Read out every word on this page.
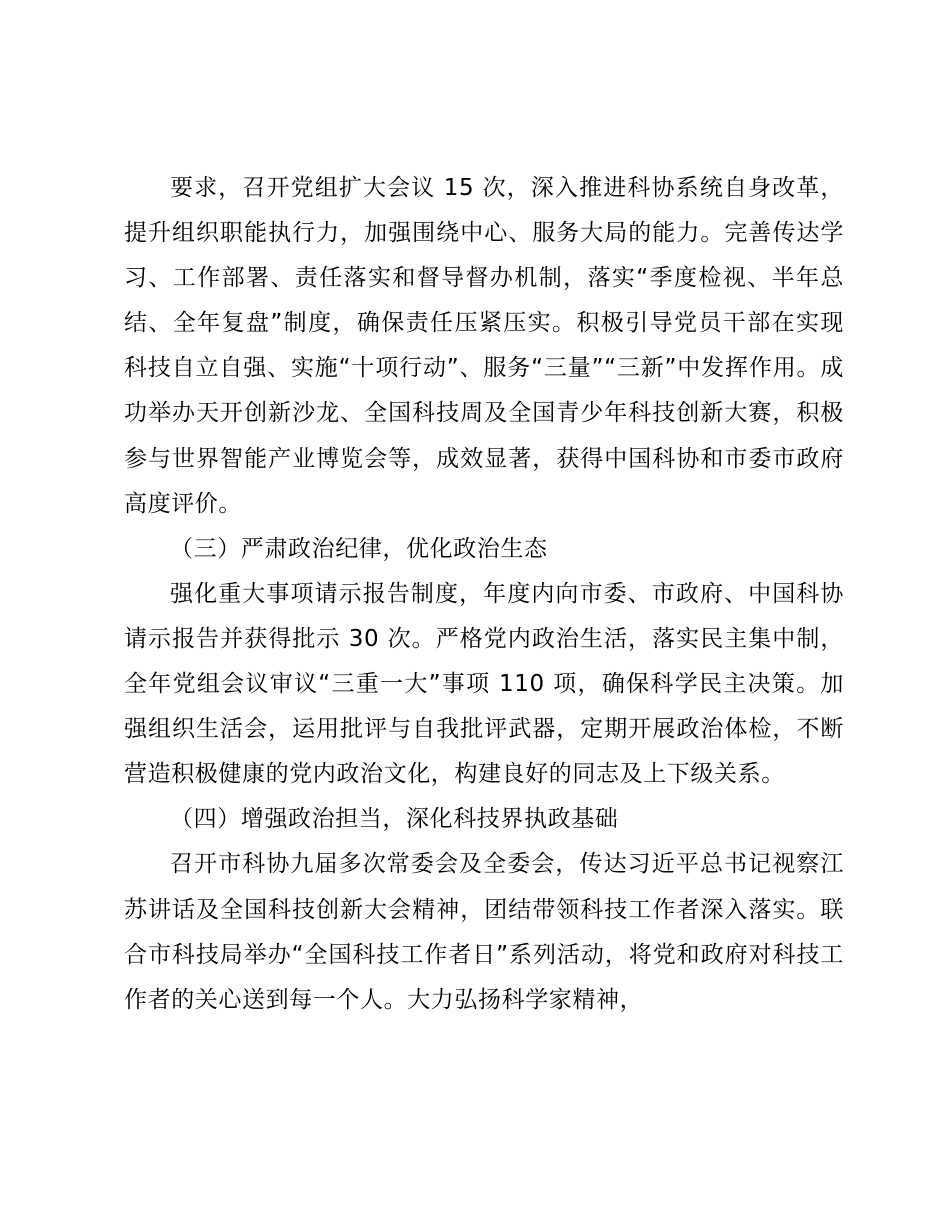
要求，召开党组扩大会议 15 次，深入推进科协系统自身改革，提升组织职能执行力，加强围绕中心、服务大局的能力。完善传达学习、工作部署、责任落实和督导督办机制，落实“季度检视、半年总结、全年复盘”制度，确保责任压紧压实。积极引导党员干部在实现科技自立自强、实施“十项行动”、服务“三量”“三新”中发挥作用。成功举办天开创新沙龙、全国科技周及全国青少年科技创新大赛，积极参与世界智能产业博览会等，成效显著，获得中国科协和市委市政府高度评价。

（三）严肃政治纪律，优化政治生态

强化重大事项请示报告制度，年度内向市委、市政府、中国科协请示报告并获得批示 30 次。严格党内政治生活，落实民主集中制，全年党组会议审议“三重一大”事项 110 项，确保科学民主决策。加强组织生活会，运用批评与自我批评武器，定期开展政治体检，不断营造积极健康的党内政治文化，构建良好的同志及上下级关系。

（四）增强政治担当，深化科技界执政基础

召开市科协九届多次常委会及全委会，传达习近平总书记视察江苏讲话及全国科技创新大会精神，团结带领科技工作者深入落实。联合市科技局举办“全国科技工作者日”系列活动，将党和政府对科技工作者的关心送到每一个人。大力弘扬科学家精神，
